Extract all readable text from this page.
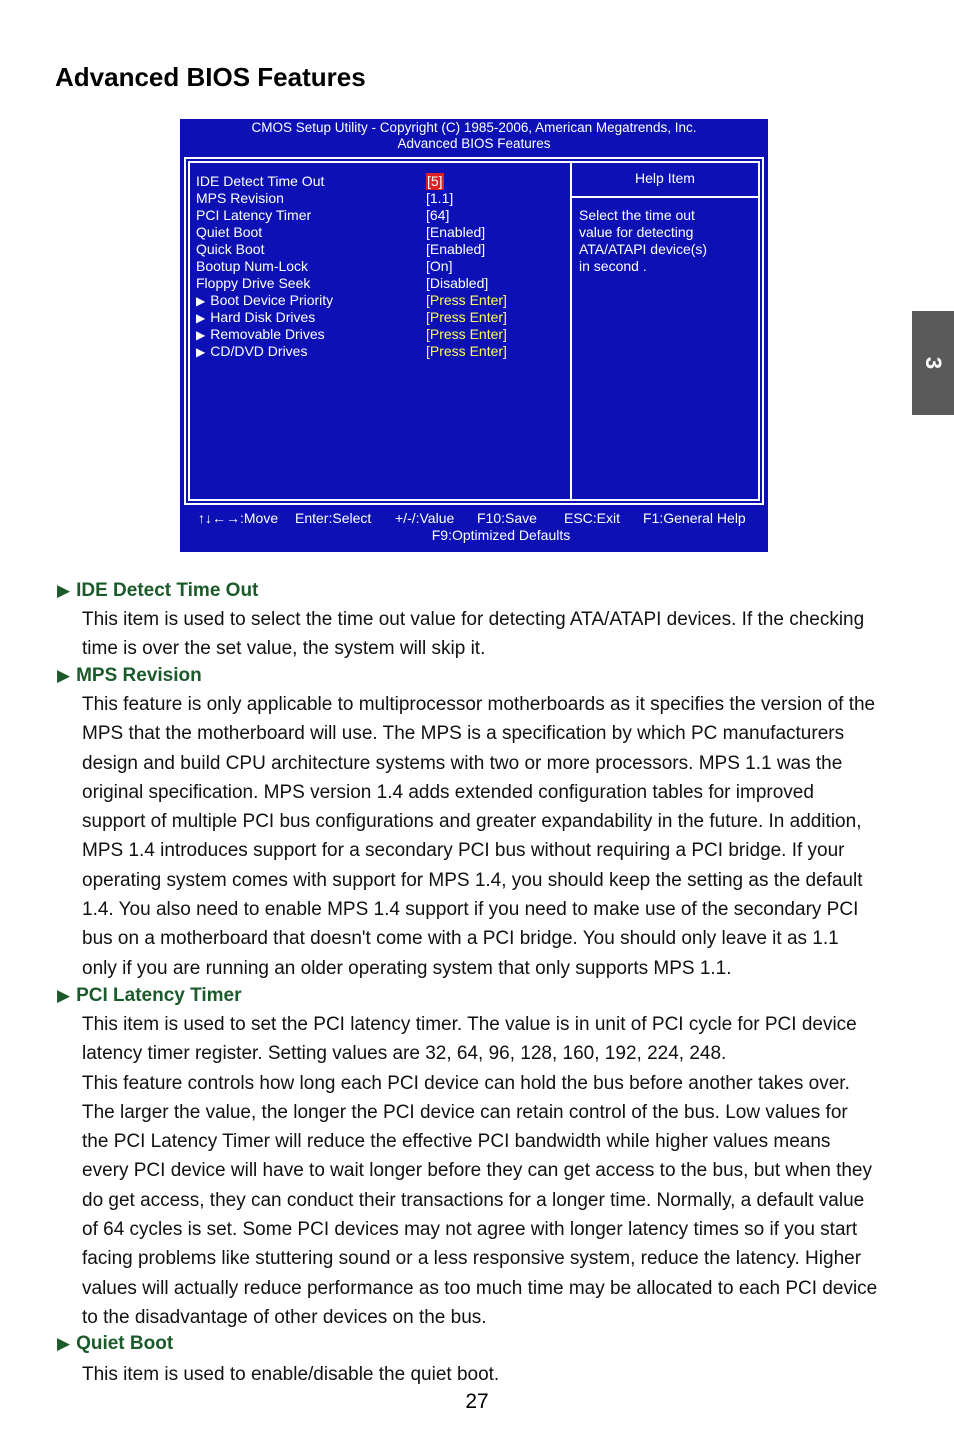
Advanced BIOS Features
3
CMOS Setup Utility - Copyright (C) 1985-2006, American Megatrends, Inc.
Advanced BIOS Features
IDE Detect Time Out	[5]
MPS Revision	[1.1]
PCI Latency Timer	[64]
Quiet Boot	[Enabled]
Quick Boot	[Enabled]
Bootup Num-Lock	[On]
Floppy Drive Seek	[Disabled]
▶ Boot Device Priority	[Press Enter]
▶ Hard Disk Drives	[Press Enter]
▶ Removable Drives	[Press Enter]
▶ CD/DVD Drives	[Press Enter]
Help Item
Select the time out
value for detecting
ATA/ATAPI device(s)
in second .
↑↓←→:Move Enter:Select +/-/:Value F10:Save ESC:Exit F1:General Help
F9:Optimized Defaults
▶ IDE Detect Time Out
This item is used to select the time out value for detecting ATA/ATAPI devices. If the checking
time is over the set value, the system will skip it.
▶ MPS Revision
This feature is only applicable to multiprocessor motherboards as it specifies the version of the
MPS that the motherboard will use. The MPS is a specification by which PC manufacturers
design and build CPU architecture systems with two or more processors. MPS 1.1 was the
original specification. MPS version 1.4 adds extended configuration tables for improved
support of multiple PCI bus configurations and greater expandability in the future. In addition,
MPS 1.4 introduces support for a secondary PCI bus without requiring a PCI bridge. If your
operating system comes with support for MPS 1.4, you should keep the setting as the default
1.4. You also need to enable MPS 1.4 support if you need to make use of the secondary PCI
bus on a motherboard that doesn't come with a PCI bridge. You should only leave it as 1.1
only if you are running an older operating system that only supports MPS 1.1.
▶ PCI Latency Timer
This item is used to set the PCI latency timer. The value is in unit of PCI cycle for PCI device
latency timer register. Setting values are 32, 64, 96, 128, 160, 192, 224, 248.
This feature controls how long each PCI device can hold the bus before another takes over.
The larger the value, the longer the PCI device can retain control of the bus. Low values for
the PCI Latency Timer will reduce the effective PCI bandwidth while higher values means
every PCI device will have to wait longer before they can get access to the bus, but when they
do get access, they can conduct their transactions for a longer time. Normally, a default value
of 64 cycles is set. Some PCI devices may not agree with longer latency times so if you start
facing problems like stuttering sound or a less responsive system, reduce the latency. Higher
values will actually reduce performance as too much time may be allocated to each PCI device
to the disadvantage of other devices on the bus.
▶ Quiet Boot
This item is used to enable/disable the quiet boot.
27
